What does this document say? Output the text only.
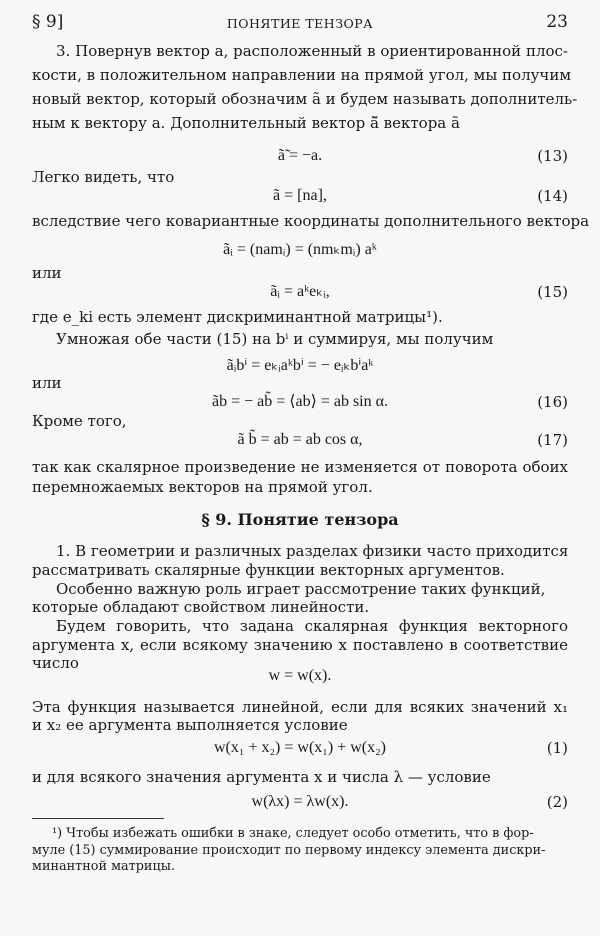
§ 9]	ПОНЯТИЕ ТЕНЗОРА	23
3. Повернув вектор a, расположенный в ориентированной плос-
кости, в положительном направлении на прямой угол, мы получим
новый вектор, который обозначим ã и будем называть дополнитель-
ным к вектору a. Дополнительный вектор ã̃ вектора ã
ã̃ = −a.	(13)
Легко видеть, что
ã = [na],	(14)
вследствие чего ковариантные координаты дополнительного вектора
ãᵢ = (namᵢ) = (nmₖmᵢ) aᵏ
или
ãᵢ = aᵏeₖᵢ,	(15)
где e_ki есть элемент дискриминантной матрицы¹).
Умножая обе части (15) на bⁱ и суммируя, мы получим
ãᵢbⁱ = eₖᵢaᵏbⁱ = − eᵢₖbⁱaᵏ
или
ãb = − ab̃ = ⟨ab⟩ = ab sin α.	(16)
Кроме того,
ã b̃ = ab = ab cos α,	(17)
так как скалярное произведение не изменяется от поворота обоих
перемножаемых векторов на прямой угол.
§ 9. Понятие тензора
1. В геометрии и различных разделах физики часто приходится
рассматривать скалярные функции векторных аргументов.
Особенно важную роль играет рассмотрение таких функций,
которые обладают свойством линейности.
Будем говорить, что задана скалярная функция векторного
аргумента x, если всякому значению x поставлено в соответствие
число
w = w(x).
Эта функция называется линейной, если для всяких значений x₁
и x₂ ее аргумента выполняется условие
w(x₁ + x₂) = w(x₁) + w(x₂)	(1)
и для всякого значения аргумента x и числа λ — условие
w(λx) = λw(x).	(2)
¹) Чтобы избежать ошибки в знаке, следует особо отметить, что в фор-
муле (15) суммирование происходит по первому индексу элемента дискри-
минантной матрицы.
